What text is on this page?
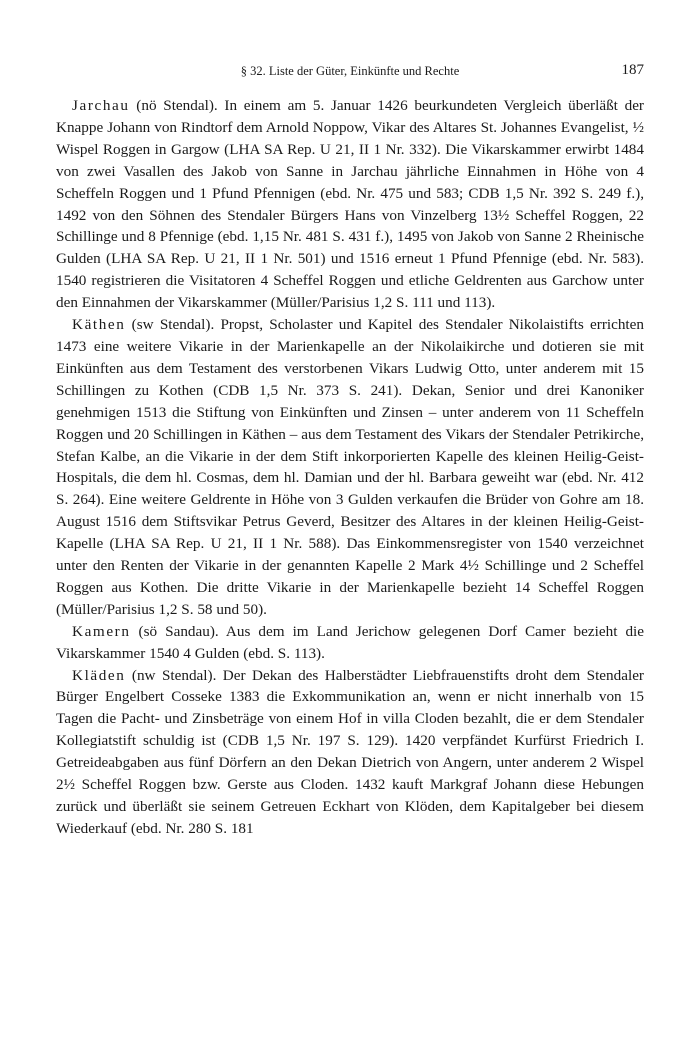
§ 32. Liste der Güter, Einkünfte und Rechte	187

Jarchau (nö Stendal). In einem am 5. Januar 1426 beurkundeten Vergleich überläßt der Knappe Johann von Rindtorf dem Arnold Noppow, Vikar des Altares St. Johannes Evangelist, ½ Wispel Roggen in Gargow (LHA SA Rep. U 21, II 1 Nr. 332). Die Vikarskammer erwirbt 1484 von zwei Vasallen des Jakob von Sanne in Jarchau jährliche Einnahmen in Höhe von 4 Scheffeln Roggen und 1 Pfund Pfennigen (ebd. Nr. 475 und 583; CDB 1,5 Nr. 392 S. 249 f.), 1492 von den Söhnen des Stendaler Bürgers Hans von Vinzelberg 13½ Scheffel Roggen, 22 Schillinge und 8 Pfennige (ebd. 1,15 Nr. 481 S. 431 f.), 1495 von Jakob von Sanne 2 Rheinische Gulden (LHA SA Rep. U 21, II 1 Nr. 501) und 1516 erneut 1 Pfund Pfennige (ebd. Nr. 583). 1540 registrieren die Visitatoren 4 Scheffel Roggen und etliche Geldrenten aus Garchow unter den Einnahmen der Vikarskammer (Müller/Parisius 1,2 S. 111 und 113).

Käthen (sw Stendal). Propst, Scholaster und Kapitel des Stendaler Nikolaistifts errichten 1473 eine weitere Vikarie in der Marienkapelle an der Nikolaikirche und dotieren sie mit Einkünften aus dem Testament des verstorbenen Vikars Ludwig Otto, unter anderem mit 15 Schillingen zu Kothen (CDB 1,5 Nr. 373 S. 241). Dekan, Senior und drei Kanoniker genehmigen 1513 die Stiftung von Einkünften und Zinsen – unter anderem von 11 Scheffeln Roggen und 20 Schillingen in Käthen – aus dem Testament des Vikars der Stendaler Petrikirche, Stefan Kalbe, an die Vikarie in der dem Stift inkorporierten Kapelle des kleinen Heilig-Geist-Hospitals, die dem hl. Cosmas, dem hl. Damian und der hl. Barbara geweiht war (ebd. Nr. 412 S. 264). Eine weitere Geldrente in Höhe von 3 Gulden verkaufen die Brüder von Gohre am 18. August 1516 dem Stiftsvikar Petrus Geverd, Besitzer des Altares in der kleinen Heilig-Geist-Kapelle (LHA SA Rep. U 21, II 1 Nr. 588). Das Einkommensregister von 1540 verzeichnet unter den Renten der Vikarie in der genannten Kapelle 2 Mark 4½ Schillinge und 2 Scheffel Roggen aus Kothen. Die dritte Vikarie in der Marienkapelle bezieht 14 Scheffel Roggen (Müller/Parisius 1,2 S. 58 und 50).

Kamern (sö Sandau). Aus dem im Land Jerichow gelegenen Dorf Camer bezieht die Vikarskammer 1540 4 Gulden (ebd. S. 113).

Kläden (nw Stendal). Der Dekan des Halberstädter Liebfrauenstifts droht dem Stendaler Bürger Engelbert Cosseke 1383 die Exkommunikation an, wenn er nicht innerhalb von 15 Tagen die Pacht- und Zinsbeträge von einem Hof in villa Cloden bezahlt, die er dem Stendaler Kollegiatstift schuldig ist (CDB 1,5 Nr. 197 S. 129). 1420 verpfändet Kurfürst Friedrich I. Getreideabgaben aus fünf Dörfern an den Dekan Dietrich von Angern, unter anderem 2 Wispel 2½ Scheffel Roggen bzw. Gerste aus Cloden. 1432 kauft Markgraf Johann diese Hebungen zurück und überläßt sie seinem Getreuen Eckhart von Klöden, dem Kapitalgeber bei diesem Wiederkauf (ebd. Nr. 280 S. 181
